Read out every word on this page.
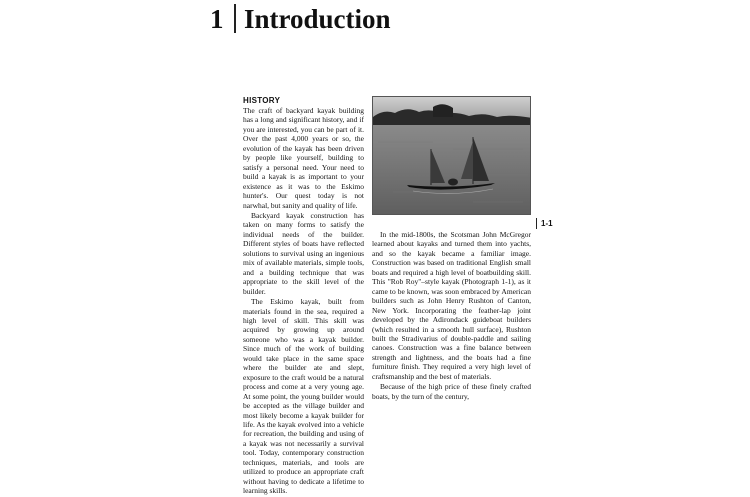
1 Introduction
HISTORY

The craft of backyard kayak building has a long and significant history, and if you are interested, you can be part of it. Over the past 4,000 years or so, the evolution of the kayak has been driven by people like yourself, building to satisfy a personal need. Your need to build a kayak is as important to your existence as it was to the Eskimo hunter's. Our quest today is not narwhal, but sanity and quality of life.

Backyard kayak construction has taken on many forms to satisfy the individual needs of the builder. Different styles of boats have reflected solutions to survival using an ingenious mix of available materials, simple tools, and a building technique that was appropriate to the skill level of the builder.

The Eskimo kayak, built from materials found in the sea, required a high level of skill. This skill was acquired by growing up around someone who was a kayak builder. Since much of the work of building would take place in the same space where the builder ate and slept, exposure to the craft would be a natural process and come at a very young age. At some point, the young builder would be accepted as the village builder and most likely become a kayak builder for life. As the kayak evolved into a vehicle for recreation, the building and using of a kayak was not necessarily a survival tool. Today, contemporary construction techniques, materials, and tools are utilized to produce an appropriate craft without having to dedicate a lifetime to learning skills.

1-1

In the mid-1800s, the Scotsman John McGregor learned about kayaks and turned them into yachts, and so the kayak became a familiar image. Construction was based on traditional English small boats and required a high level of boatbuilding skill. This "Rob Roy"–style kayak (Photograph 1-1), as it came to be known, was soon embraced by American builders such as John Henry Rushton of Canton, New York. Incorporating the feather-lap joint developed by the Adirondack guideboat builders (which resulted in a smooth hull surface), Rushton built the Stradivarius of double-paddle and sailing canoes. Construction was a fine balance between strength and lightness, and the boats had a fine furniture finish. They required a very high level of craftsmanship and the best of materials.

Because of the high price of these finely crafted boats, by the turn of the century,
